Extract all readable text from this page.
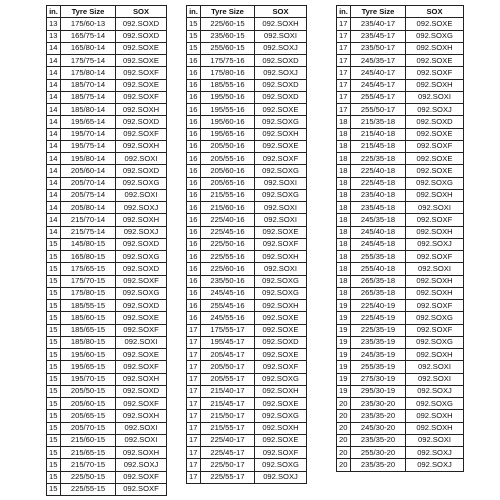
in.	Tyre Size	SOX
13	175/60-13	092.SOXD
13	165/75-14	092.SOXD
14	165/80-14	092.SOXE
14	175/75-14	092.SOXE
14	175/80-14	092.SOXF
14	185/70-14	092.SOXE
14	185/75-14	092.SOXF
14	185/80-14	092.SOXH
14	195/65-14	092.SOXD
14	195/70-14	092.SOXF
14	195/75-14	092.SOXH
14	195/80-14	092.SOXI
14	205/60-14	092.SOXD
14	205/70-14	092.SOXG
14	205/75-14	092.SOXI
14	205/80-14	092.SOXJ
14	215/70-14	092.SOXH
14	215/75-14	092.SOXJ
15	145/80-15	092.SOXD
15	165/80-15	092.SOXG
15	175/65-15	092.SOXD
15	175/70-15	092.SOXF
15	175/80-15	092.SOXG
15	185/55-15	092.SOXD
15	185/60-15	092.SOXE
15	185/65-15	092.SOXF
15	185/80-15	092.SOXI
15	195/60-15	092.SOXE
15	195/65-15	092.SOXF
15	195/70-15	092.SOXH
15	205/50-15	092.SOXD
15	205/60-15	092.SOXF
15	205/65-15	092.SOXH
15	205/70-15	092.SOXI
15	215/60-15	092.SOXI
15	215/65-15	092.SOXH
15	215/70-15	092.SOXJ
15	225/50-15	092.SOXF
15	225/55-15	092.SOXF
in.	Tyre Size	SOX
15	225/60-15	092.SOXH
15	235/60-15	092.SOXI
15	255/60-15	092.SOXJ
16	175/75-16	092.SOXD
16	175/80-16	092.SOXJ
16	185/55-16	092.SOXD
16	195/50-16	092.SOXD
16	195/55-16	092.SOXE
16	195/60-16	092.SOXG
16	195/65-16	092.SOXH
16	205/50-16	092.SOXE
16	205/55-16	092.SOXF
16	205/60-16	092.SOXG
16	205/65-16	092.SOXI
16	215/55-16	092.SOXG
16	215/60-16	092.SOXI
16	225/40-16	092.SOXI
16	225/45-16	092.SOXE
16	225/50-16	092.SOXF
16	225/55-16	092.SOXH
16	225/60-16	092.SOXI
16	235/50-16	092.SOXG
16	245/45-16	092.SOXG
16	255/45-16	092.SOXH
16	245/55-16	092.SOXE
17	175/55-17	092.SOXE
17	195/45-17	092.SOXD
17	205/45-17	092.SOXE
17	205/50-17	092.SOXF
17	205/55-17	092.SOXG
17	215/40-17	092.SOXH
17	215/45-17	092.SOXE
17	215/50-17	092.SOXG
17	215/55-17	092.SOXH
17	225/40-17	092.SOXE
17	225/45-17	092.SOXF
17	225/50-17	092.SOXG
17	225/55-17	092.SOXJ
in.	Tyre Size	SOX
17	235/40-17	092.SOXE
17	235/45-17	092.SOXG
17	235/50-17	092.SOXH
17	245/35-17	092.SOXE
17	245/40-17	092.SOXF
17	245/45-17	092.SOXH
17	255/45-17	092.SOXI
17	255/50-17	092.SOXJ
18	215/35-18	092.SOXD
18	215/40-18	092.SOXE
18	215/45-18	092.SOXF
18	225/35-18	092.SOXE
18	225/40-18	092.SOXE
18	225/45-18	092.SOXG
18	235/40-18	092.SOXH
18	235/45-18	092.SOXI
18	245/35-18	092.SOXF
18	245/40-18	092.SOXH
18	245/45-18	092.SOXJ
18	255/35-18	092.SOXF
18	255/40-18	092.SOXI
18	265/35-18	092.SOXH
18	265/35-18	092.SOXH
19	225/40-19	092.SOXF
19	225/45-19	092.SOXG
19	225/35-19	092.SOXF
19	235/35-19	092.SOXG
19	245/35-19	092.SOXH
19	255/35-19	092.SOXI
19	275/30-19	092.SOXI
19	295/30-19	092.SOXJ
20	235/30-20	092.SOXG
20	235/35-20	092.SOXH
20	245/30-20	092.SOXH
20	235/35-20	092.SOXI
20	255/30-20	092.SOXJ
20	235/35-20	092.SOXJ
